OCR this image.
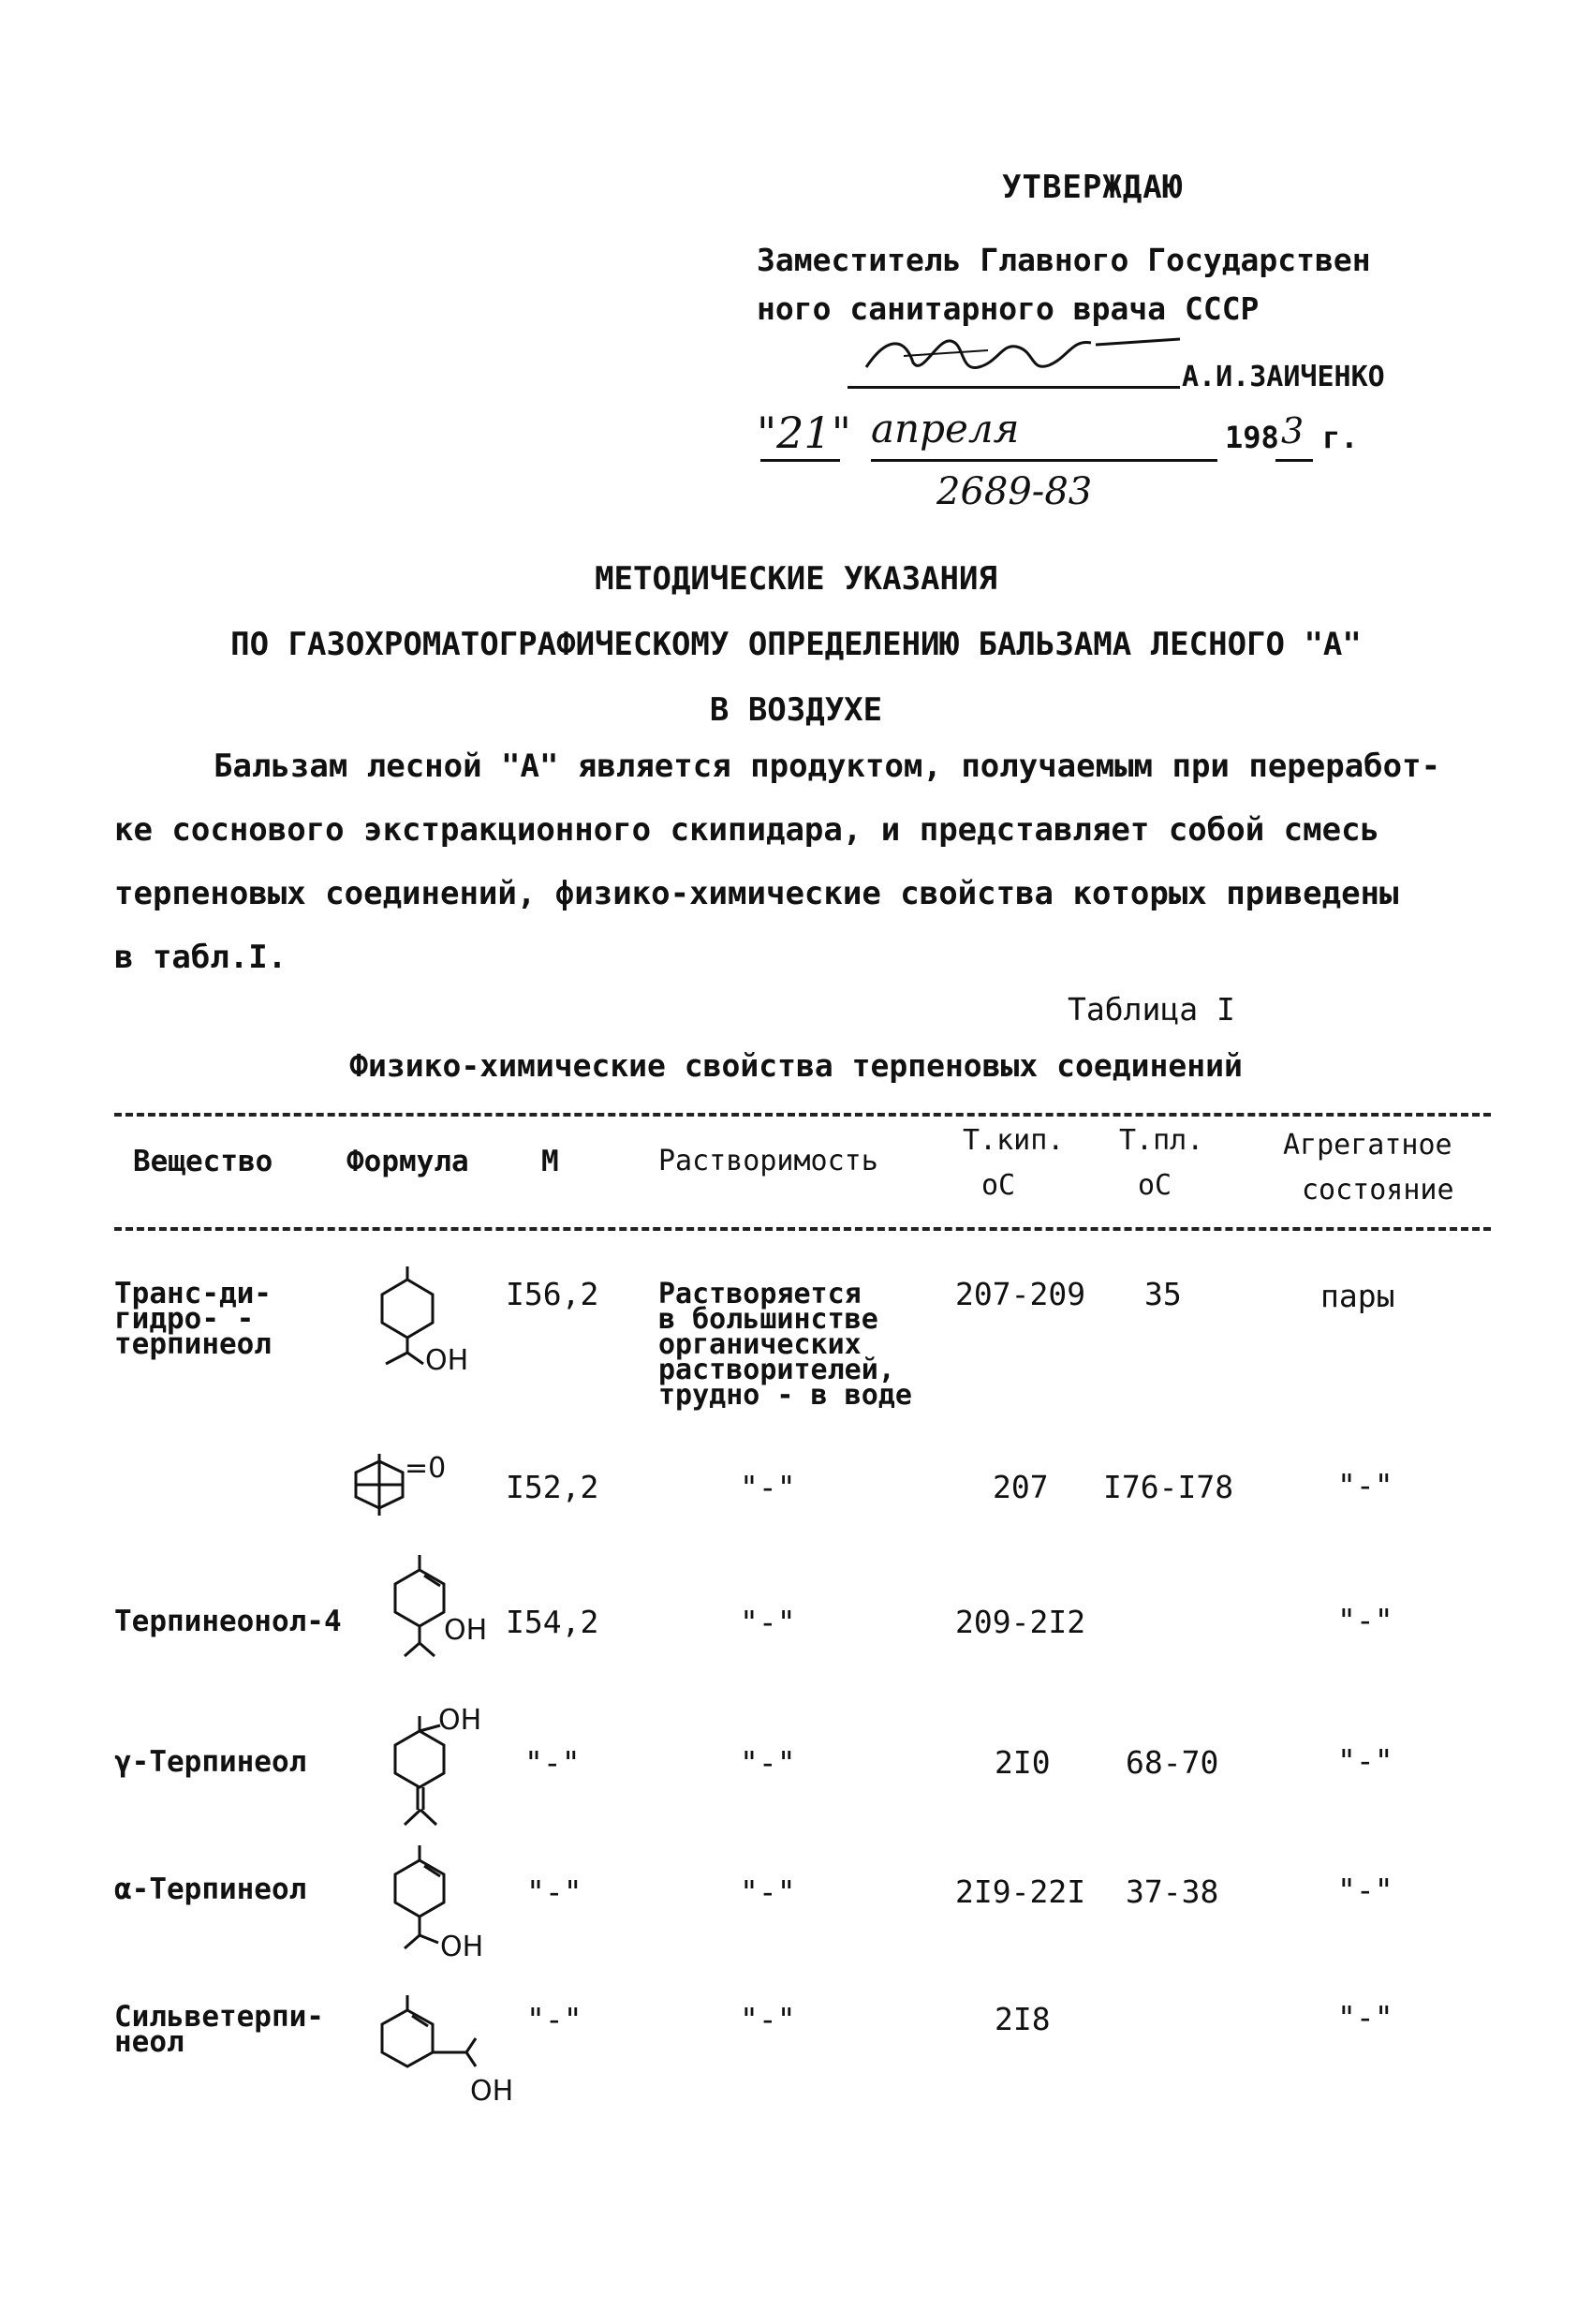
УТВЕРЖДАЮ
Заместитель Главного Государствен
ного санитарного врача СССР
А.И.ЗАИЧЕНКО
"21" апреля	198 3 г.
2689-83
МЕТОДИЧЕСКИЕ УКАЗАНИЯ
ПО ГАЗОХРОМАТОГРАФИЧЕСКОМУ ОПРЕДЕЛЕНИЮ БАЛЬЗАМА ЛЕСНОГО "А"
В ВОЗДУХЕ
Бальзам лесной "А" является продуктом, получаемым при переработ-
ке соснового экстракционного скипидара, и представляет собой смесь
терпеновых соединений, физико-химические свойства которых приведены
в табл.I.
Таблица I
Физико-химические свойства терпеновых соединений
Вещество	Формула М	Растворимость
Т.кип.
оС
Т.пл.
оС
Агрегатное
состояние
Транс-ди-
гидро- -
терпинеол	OH
I56,2 Растворяется
в большинстве
органических
растворителей,
трудно - в воде
207-209 35	пары
=0
I52,2	"-"	207 I76-I78	"-"
Терпинеонол-4	OH I54,2	"-"	209-2I2	"-"
γ-Терпинеол
OH
"-"	"-"	2I0 68-70	"-"
α-Терпинеол
OH
"-"	"-"	2I9-22I 37-38	"-"
Сильветерпи-
неол
OH
"-"	"-"	2I8	"-"
